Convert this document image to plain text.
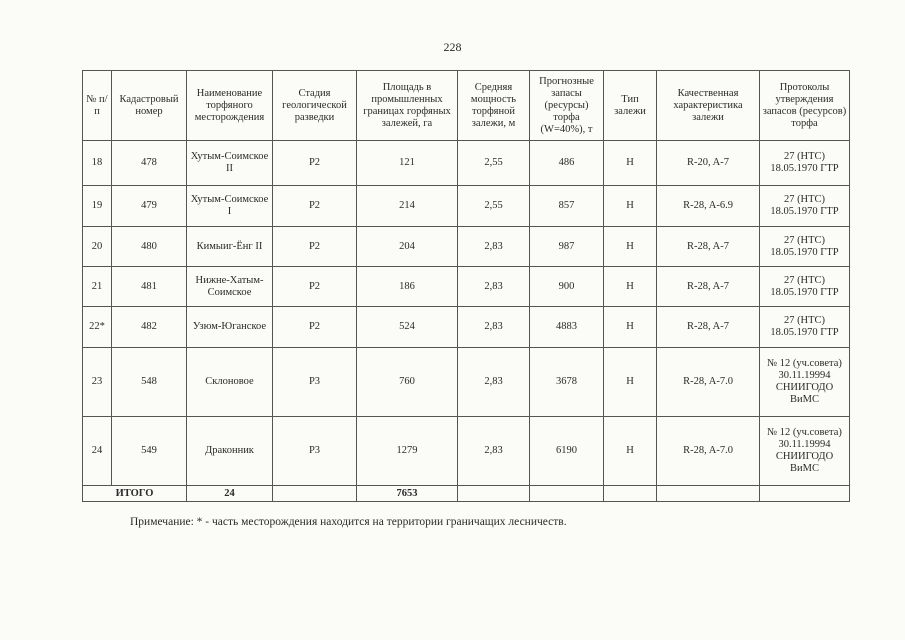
228
№ п/п	Кадастровый номер	Наименование торфяного месторождения	Стадия геологической разведки	Площадь в промышленных границах горфяных залежей, га	Средняя мощность торфяной залежи, м	Прогнозные запасы (ресурсы) торфа (W=40%), т	Тип залежи	Качественная характеристика залежи	Протоколы утверждения запасов (ресурсов) торфа
18	478	Хутым-Соимское II	P2	121	2,55	486	Н	R-20, A-7	27 (НТС) 18.05.1970 ГТР
19	479	Хутым-Соимское I	P2	214	2,55	857	Н	R-28, A-6.9	27 (НТС) 18.05.1970 ГТР
20	480	Кимыиг-Ёнг II	P2	204	2,83	987	Н	R-28, A-7	27 (НТС) 18.05.1970 ГТР
21	481	Нижне-Хатым-Соимское	P2	186	2,83	900	Н	R-28, A-7	27 (НТС) 18.05.1970 ГТР
22*	482	Узюм-Юганское	P2	524	2,83	4883	Н	R-28, A-7	27 (НТС) 18.05.1970 ГТР
23	548	Склоновое	P3	760	2,83	3678	Н	R-28, A-7.0	№ 12 (уч.совета) 30.11.19994 СНИИГОДО ВиМС
24	549	Драконник	P3	1279	2,83	6190	Н	R-28, A-7.0	№ 12 (уч.совета) 30.11.19994 СНИИГОДО ВиМС
ИТОГО		24		7653					
Примечание: * - часть месторождения находится на территории граничащих лесничеств.
